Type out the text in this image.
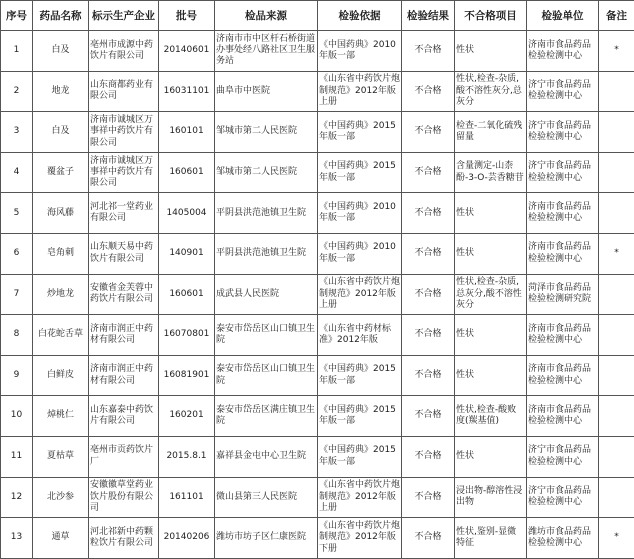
序号	药品名称	标示生产企业	批号	检品来源	检验依据	检验结果	不合格项目	检验单位	备注
1	白及	亳州市成源中药饮片有限公司	20140601	济南市市中区杆石桥街道办事处经八路社区卫生服务站	《中国药典》2010年版一部	不合格	性状	济南市食品药品检验检测中心	*
2	地龙	山东商都药业有限公司	16031101	曲阜市中医院	《山东省中药饮片炮制规范》2012年版上册	不合格	性状,检查-杂质,酸不溶性灰分,总灰分	济宁市食品药品检验检测中心	
3	白及	济南市诚城区万事祥中药饮片有限公司	160101	邹城市第二人民医院	《中国药典》2015年版一部	不合格	检查-二氧化硫残留量	济宁市食品药品检验检测中心	
4	覆盆子	济南市诚城区万事祥中药饮片有限公司	160601	邹城市第二人民医院	《中国药典》2015年版一部	不合格	含量测定-山柰酚-3-O-芸香糖苷	济宁市食品药品检验检测中心	
5	海风藤	河北祁一堂药业有限公司	1405004	平阴县洪范池镇卫生院	《中国药典》2010年版一部	不合格	性状	济南市食品药品检验检测中心	
6	皂角刺	山东顺天易中药饮片有限公司	140901	平阴县洪范池镇卫生院	《中国药典》2010年版一部	不合格	性状	济南市食品药品检验检测中心	*
7	炒地龙	安徽省金芙蓉中药饮片有限公司	160601	成武县人民医院	《山东省中药饮片炮制规范》2012年版上册	不合格	性状,检查-杂质,总灰分,酸不溶性灰分	菏泽市食品药品检验检测研究院	
8	白花蛇舌草	济南市润正中药材有限公司	16070801	泰安市岱岳区山口镇卫生院	《山东省中药材标准》2012年版	不合格	性状	济南市食品药品检验检测中心	
9	白鲜皮	济南市润正中药材有限公司	16081901	泰安市岱岳区山口镇卫生院	《中国药典》2015年版一部	不合格	性状	济南市食品药品检验检测中心	
10	焯桃仁	山东嘉泰中药饮片有限公司	160201	泰安市岱岳区满庄镇卫生院	《中国药典》2015年版一部	不合格	性状,检查-酸败度(羰基值)	济南市食品药品检验检测中心	
11	夏枯草	亳州市贡药饮片厂	2015.8.1	嘉祥县金屯中心卫生院	《中国药典》2015年版一部	不合格	性状	济宁市食品药品检验检测中心	
12	北沙参	安徽徽草堂药业饮片股份有限公司	161101	微山县第三人民医院	《山东省中药饮片炮制规范》2012年版上册	不合格	浸出物-醇溶性浸出物	济宁市食品药品检验检测中心	
13	通草	河北祁新中药颗粒饮片有限公司	20140206	潍坊市坊子区仁康医院	《山东省中药饮片炮制规范》2012年版下册	不合格	性状,鉴别-显微特征	潍坊市食品药品检验检测中心	*
